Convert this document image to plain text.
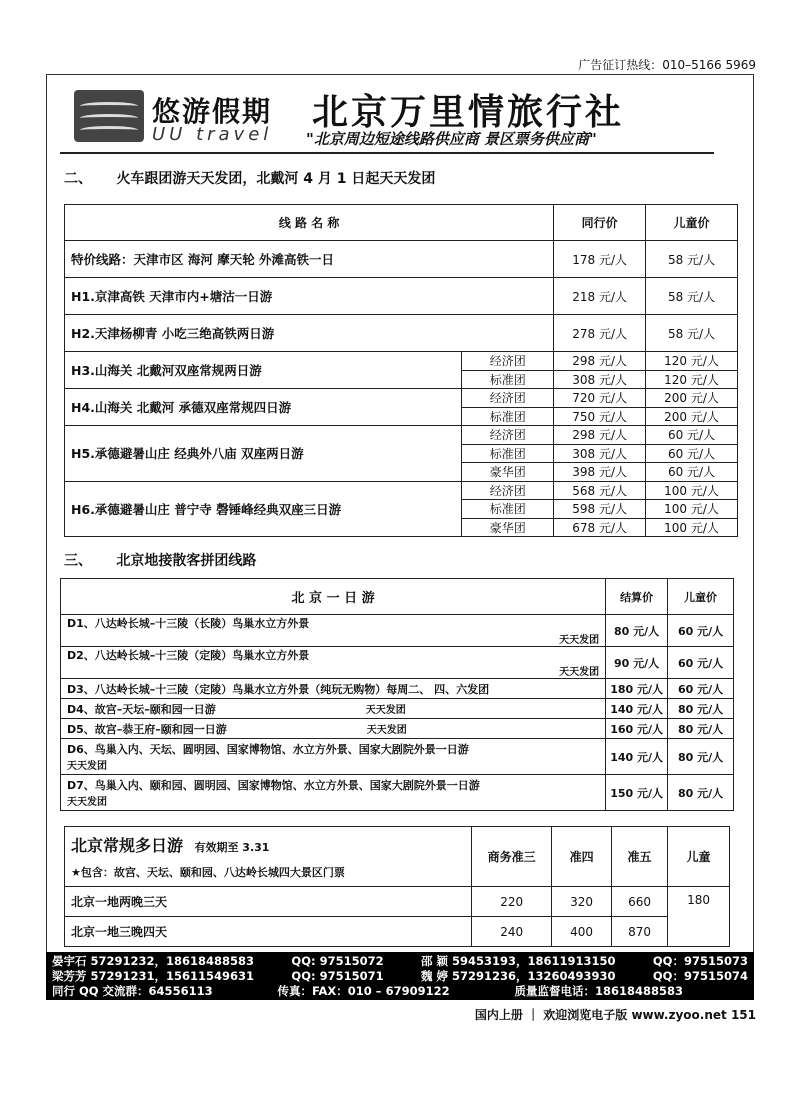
广告征订热线：010–5166 5969
悠游假期 北京万里情旅行社
UU travel "北京周边短途线路供应商 景区票务供应商"
二、 火车跟团游天天发团，北戴河 4 月 1 日起天天发团
线 路 名 称		同行价	儿童价
特价线路：天津市区 海河 摩天轮 外滩高铁一日		178 元/人	58 元/人
H1.京津高铁 天津市内+塘沽一日游		218 元/人	58 元/人
H2.天津杨柳青 小吃三绝高铁两日游		278 元/人	58 元/人
H3.山海关 北戴河双座常规两日游	经济团	298 元/人	120 元/人
	标准团	308 元/人	120 元/人
H4.山海关 北戴河 承德双座常规四日游	经济团	720 元/人	200 元/人
	标准团	750 元/人	200 元/人
H5.承德避暑山庄 经典外八庙 双座两日游	经济团	298 元/人	60 元/人
	标准团	308 元/人	60 元/人
	豪华团	398 元/人	60 元/人
H6.承德避暑山庄 普宁寺 磬锤峰经典双座三日游	经济团	568 元/人	100 元/人
	标准团	598 元/人	100 元/人
	豪华团	678 元/人	100 元/人
三、 北京地接散客拼团线路
北 京 一 日 游	结算价	儿童价
D1、八达岭长城–十三陵（长陵）鸟巢水立方外景
天天发团	80 元/人	60 元/人
D2、八达岭长城–十三陵（定陵）鸟巢水立方外景
天天发团	90 元/人	60 元/人
D3、八达岭长城–十三陵（定陵）鸟巢水立方外景（纯玩无购物）每周二、 四、六发团	180 元/人	60 元/人
D4、故宫–天坛–颐和园一日游 天天发团	140 元/人	80 元/人
D5、故宫–恭王府–颐和园一日游 天天发团	160 元/人	80 元/人
D6、鸟巢入内、天坛、圆明园、国家博物馆、水立方外景、国家大剧院外景一日游
天天发团	140 元/人	80 元/人
D7、鸟巢入内、颐和园、圆明园、国家博物馆、水立方外景、国家大剧院外景一日游
天天发团	150 元/人	80 元/人
北京常规多日游 有效期至 3.31
★包含：故宫、天坛、颐和园、八达岭长城四大景区门票	商务准三	准四	准五	儿童
北京一地两晚三天	220	320	660	180
北京一地三晚四天	240	400	870	
晏宇石 57291232，18618488583	QQ: 97515072	邵 颖 59453193，18611913150	QQ：97515073
梁芳芳 57291231，15611549631	QQ: 97515071	魏 婷 57291236，13260493930	QQ：97515074
同行 QQ 交流群：64556113	传真：FAX：010 – 67909122	质量监督电话：18618488583
国内上册 ｜ 欢迎浏览电子版 www.zyoo.net 151
